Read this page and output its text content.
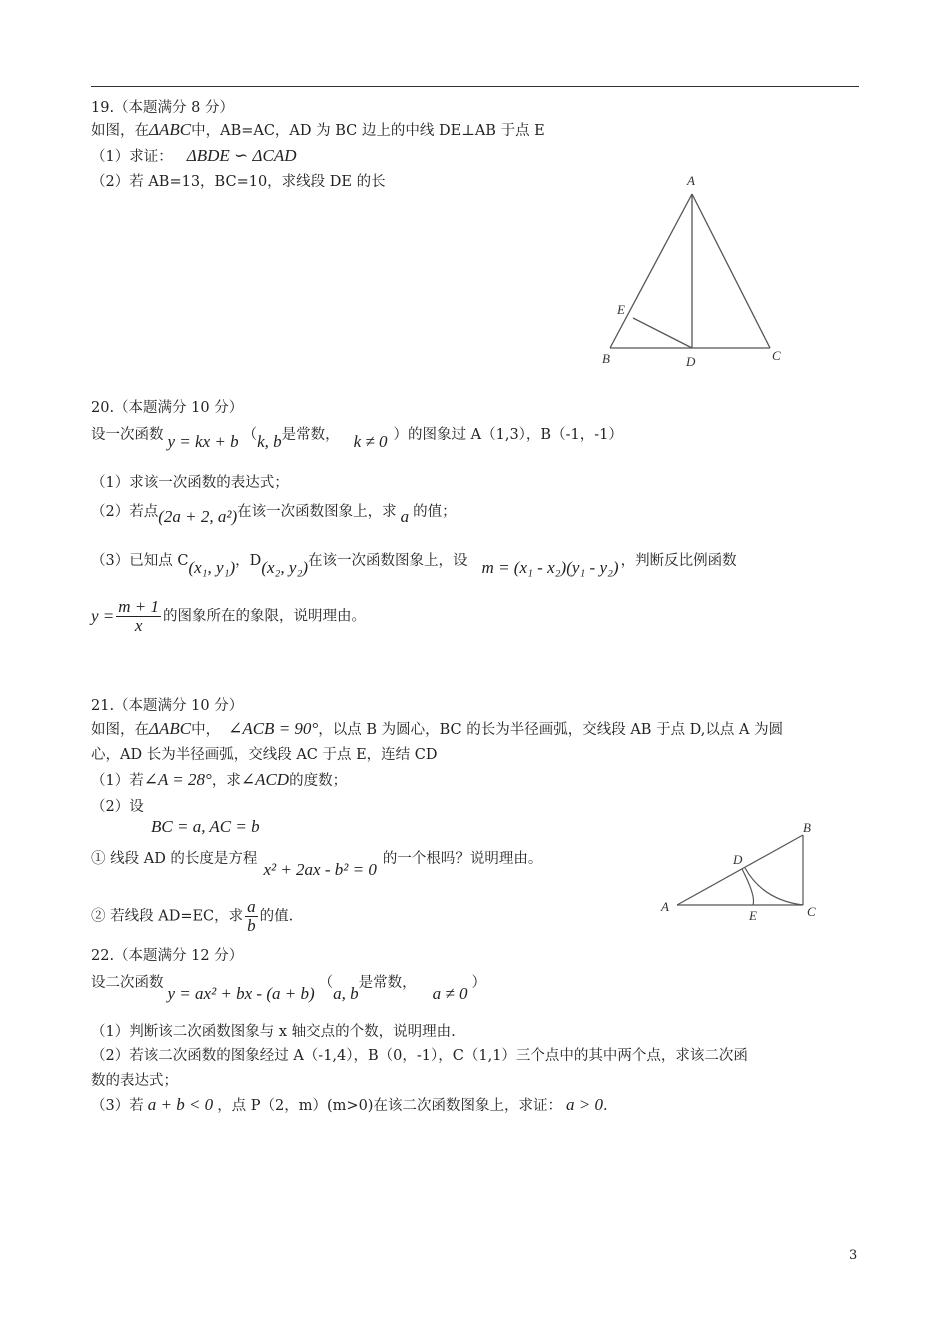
19.（本题满分 8 分）
如图，在ΔABC中，AB=AC，AD 为 BC 边上的中线 DE⊥AB 于点 E
（1）求证： ΔBDE ∽ ΔCAD
（2）若 AB=13，BC=10，求线段 DE 的长	A
B	C
D
E
20.（本题满分 10 分）
设一次函数 y = kx + b （k, b是常数， k ≠ 0 ）的图象过 A（1,3），B（-1，-1）
（1）求该一次函数的表达式；
（2）若点(2a + 2, a²)在该一次函数图象上，求 a 的值；
（3）已知点 C(x₁, y₁)，D(x₂, y₂)在该一次函数图象上，设 m = (x₁ - x₂)(y₁ - y₂) ，判断反比例函数
$y = \frac{m + 1}{x}$ 的图象所在的象限，说明理由。
21.（本题满分 10 分）
如图，在ΔABC中， ∠ACB = 90°，以点 B 为圆心，BC 的长为半径画弧，交线段 AB 于点 D,以点 A 为圆
心，AD 长为半径画弧，交线段 AC 于点 E，连结 CD
（1）若∠A = 28°，求∠ACD的度数；
（2）设
BC = a, AC = b
① 线段 AD 的长度是方程x² + 2ax - b² = 0的一个根吗？说明理由。
② 若线段 AD=EC，求 $\frac{a}{b}$ 的值.
B
D
A
E	C
22.（本题满分 12 分）
设二次函数y = ax² + bx - (a + b)（a, b是常数，a ≠ 0）
（1）判断该二次函数图象与 x 轴交点的个数，说明理由.
（2）若该二次函数的图象经过 A（-1,4），B（0，-1），C（1,1）三个点中的其中两个点，求该二次函
数的表达式；
（3）若 a + b < 0 ，点 P（2，m）(m>0)在该二次函数图象上，求证： a > 0.
3
